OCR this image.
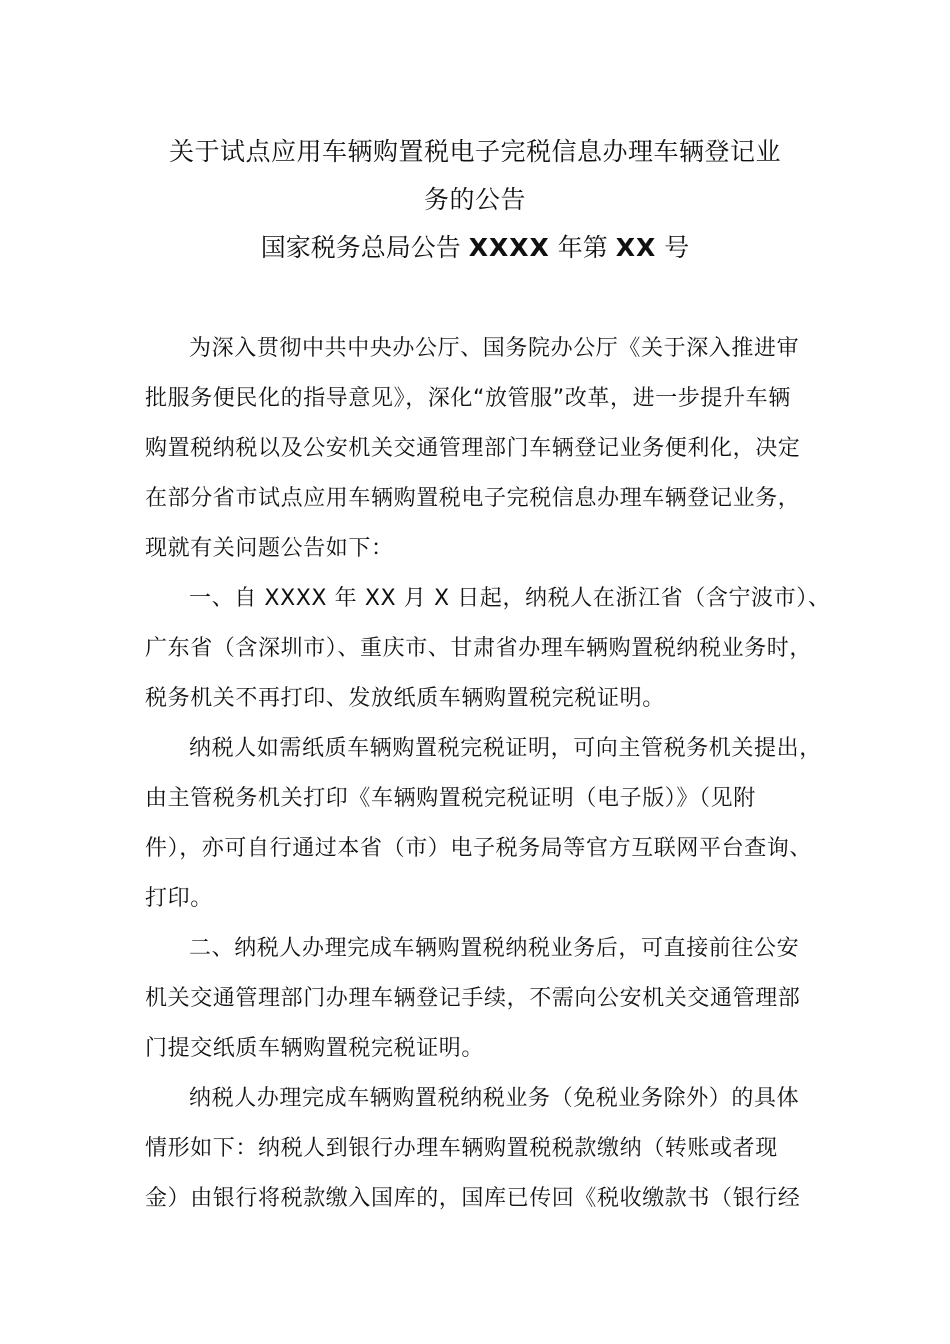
关于试点应用车辆购置税电子完税信息办理车辆登记业
务的公告
国家税务总局公告 XXXX 年第 XX 号
为深入贯彻中共中央办公厅、国务院办公厅《关于深入推进审
批服务便民化的指导意见》，深化“放管服”改革，进一步提升车辆
购置税纳税以及公安机关交通管理部门车辆登记业务便利化，决定
在部分省市试点应用车辆购置税电子完税信息办理车辆登记业务，
现就有关问题公告如下：
一、自 XXXX 年 XX 月 X 日起，纳税人在浙江省（含宁波市）、
广东省（含深圳市）、重庆市、甘肃省办理车辆购置税纳税业务时，
税务机关不再打印、发放纸质车辆购置税完税证明。
纳税人如需纸质车辆购置税完税证明，可向主管税务机关提出，
由主管税务机关打印《车辆购置税完税证明（电子版）》（见附
件），亦可自行通过本省（市）电子税务局等官方互联网平台查询、
打印。
二、纳税人办理完成车辆购置税纳税业务后，可直接前往公安
机关交通管理部门办理车辆登记手续，不需向公安机关交通管理部
门提交纸质车辆购置税完税证明。
纳税人办理完成车辆购置税纳税业务（免税业务除外）的具体
情形如下：纳税人到银行办理车辆购置税税款缴纳（转账或者现
金）由银行将税款缴入国库的，国库已传回《税收缴款书（银行经
